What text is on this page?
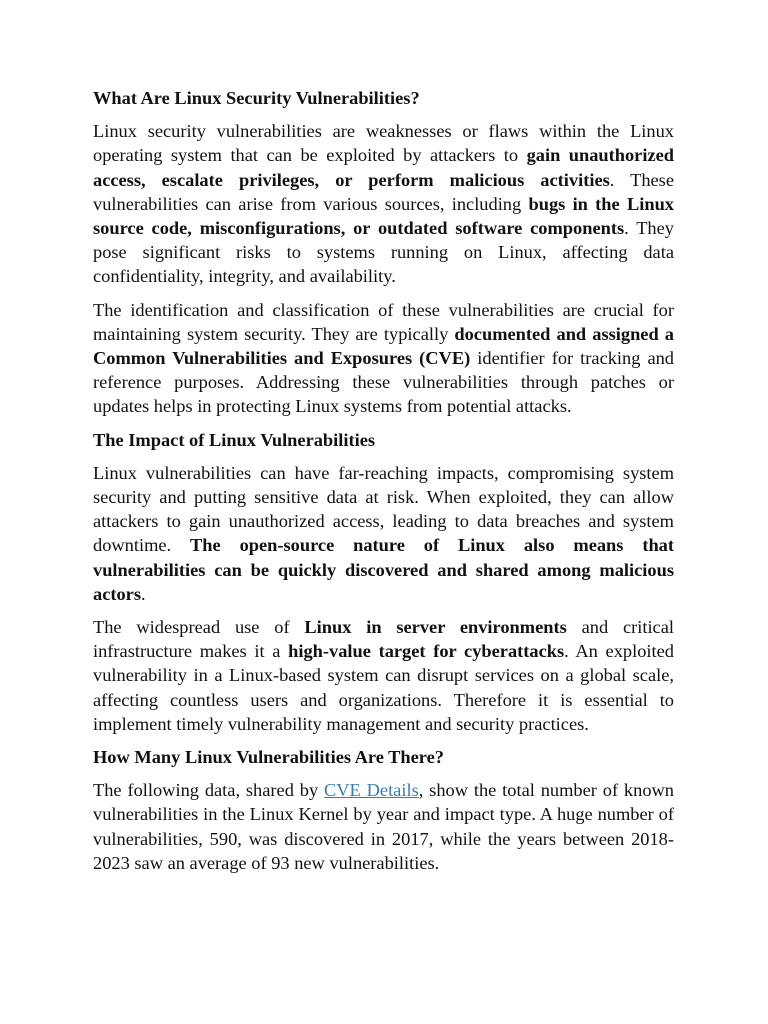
What Are Linux Security Vulnerabilities?

Linux security vulnerabilities are weaknesses or flaws within the Linux operating system that can be exploited by attackers to gain unauthorized access, escalate privileges, or perform malicious activities. These vulnerabilities can arise from various sources, including bugs in the Linux source code, misconfigurations, or outdated software components. They pose significant risks to systems running on Linux, affecting data confidentiality, integrity, and availability.

The identification and classification of these vulnerabilities are crucial for maintaining system security. They are typically documented and assigned a Common Vulnerabilities and Exposures (CVE) identifier for tracking and reference purposes. Addressing these vulnerabilities through patches or updates helps in protecting Linux systems from potential attacks.

The Impact of Linux Vulnerabilities

Linux vulnerabilities can have far-reaching impacts, compromising system security and putting sensitive data at risk. When exploited, they can allow attackers to gain unauthorized access, leading to data breaches and system downtime. The open-source nature of Linux also means that vulnerabilities can be quickly discovered and shared among malicious actors.

The widespread use of Linux in server environments and critical infrastructure makes it a high-value target for cyberattacks. An exploited vulnerability in a Linux-based system can disrupt services on a global scale, affecting countless users and organizations. Therefore it is essential to implement timely vulnerability management and security practices.

How Many Linux Vulnerabilities Are There?

The following data, shared by CVE Details, show the total number of known vulnerabilities in the Linux Kernel by year and impact type. A huge number of vulnerabilities, 590, was discovered in 2017, while the years between 2018-2023 saw an average of 93 new vulnerabilities.
